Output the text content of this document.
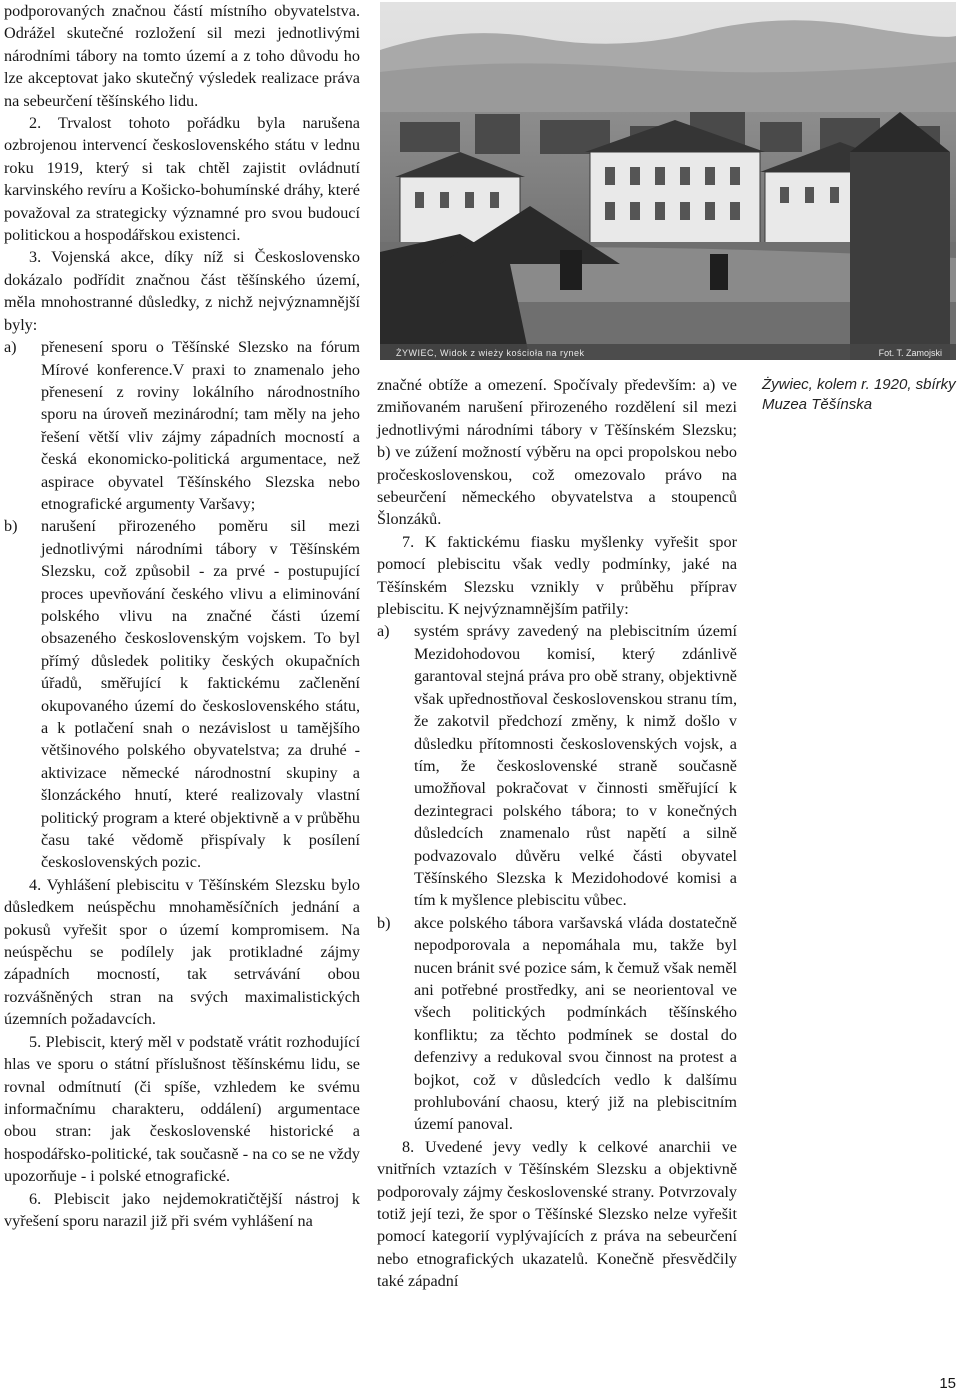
podporovaných značnou částí místního obyvatelstva. Odrážel skutečné rozložení sil mezi jednotlivými národními tábory na tomto území a z toho důvodu ho lze akceptovat jako skutečný výsledek realizace práva na sebeurčení těšínského lidu.

2. Trvalost tohoto pořádku byla narušena ozbrojenou intervencí československého státu v lednu roku 1919, který si tak chtěl zajistit ovládnutí karvinského revíru a Košicko-bohumínské dráhy, které považoval za strategicky významné pro svou budoucí politickou a hospodářskou existenci.

3. Vojenská akce, díky níž si Československo dokázalo podřídit značnou část těšínského území, měla mnohostranné důsledky, z nichž nejvýznamnější byly:

a) přenesení sporu o Těšínské Slezsko na fórum Mírové konference.V praxi to znamenalo jeho přenesení z roviny lokálního národnostního sporu na úroveň mezinárodní; tam měly na jeho řešení větší vliv zájmy západních mocností a česká ekonomicko-politická argumentace, než aspirace obyvatel Těšínského Slezska nebo etnografické argumenty Varšavy;

b) narušení přirozeného poměru sil mezi jednotlivými národními tábory v Těšínském Slezsku, což způsobil - za prvé - postupující proces upevňování českého vlivu a eliminování polského vlivu na značné části území obsazeného československým vojskem. To byl přímý důsledek politiky českých okupačních úřadů, směřující k faktickému začlenění okupovaného území do československého státu, a k potlačení snah o nezávislost u tamějšího většinového polského obyvatelstva; za druhé - aktivizace německé národnostní skupiny a šlonzáckého hnutí, které realizovaly vlastní politický program a které objektivně a v průběhu času také vědomě přispívaly k posílení československých pozic.

4. Vyhlášení plebiscitu v Těšínském Slezsku bylo důsledkem neúspěchu mnohaměsíčních jednání a pokusů vyřešit spor o území kompromisem. Na neúspěchu se podílely jak protikladné zájmy západních mocností, tak setrvávání obou rozvášněných stran na svých maximalistických územních požadavcích.

5. Plebiscit, který měl v podstatě vrátit rozhodující hlas ve sporu o státní příslušnost těšínskému lidu, se rovnal odmítnutí (či spíše, vzhledem ke svému informačnímu charakteru, oddálení) argumentace obou stran: jak československé historické a hospodářsko-politické, tak současně - na co se ne vždy upozorňuje - i polské etnografické.

6. Plebiscit jako nejdemokratičtější nástroj k vyřešení sporu narazil již při svém vyhlášení na

ŻYWIEC, Widok z wieży kościoła na rynek	Fot. T. Zamojski

značné obtíže a omezení. Spočívaly především: a) ve zmiňovaném narušení přirozeného rozdělení sil mezi jednotlivými národními tábory v Těšínském Slezsku; b) ve zúžení možností výběru na opci propolskou nebo pročeskoslovenskou, což omezovalo právo na sebeurčení německého obyvatelstva a stoupenců Šlonzáků.

7. K faktickému fiasku myšlenky vyřešit spor pomocí plebiscitu však vedly podmínky, jaké na Těšínském Slezsku vznikly v průběhu příprav plebiscitu. K nejvýznamnějším patřily:

a) systém správy zavedený na plebiscitním území Mezidohodovou komisí, který zdánlivě garantoval stejná práva pro obě strany, objektivně však upřednostňoval československou stranu tím, že zakotvil předchozí změny, k nimž došlo v důsledku přítomnosti československých vojsk, a tím, že československé straně současně umožňoval pokračovat v činnosti směřující k dezintegraci polského tábora; to v konečných důsledcích znamenalo růst napětí a silně podvazovalo důvěru velké části obyvatel Těšínského Slezska k Mezidohodové komisi a tím k myšlence plebiscitu vůbec.

b) akce polského tábora varšavská vláda dostatečně nepodporovala a nepomáhala mu, takže byl nucen bránit své pozice sám, k čemuž však neměl ani potřebné prostředky, ani se neorientoval ve všech politických podmínkách těšínského konfliktu; za těchto podmínek se dostal do defenzivy a redukoval svou činnost na protest a bojkot, což v důsledcích vedlo k dalšímu prohlubování chaosu, který již na plebiscitním území panoval.

8. Uvedené jevy vedly k celkové anarchii ve vnitřních vztazích v Těšínském Slezsku a objektivně podporovaly zájmy československé strany. Potvrzovaly totiž její tezi, že spor o Těšínské Slezsko nelze vyřešit pomocí kategorií vyplývajících z práva na sebeurčení nebo etnografických ukazatelů. Konečně přesvědčily také západní

Żywiec, kolem r. 1920, sbírky Muzea Těšínska
15
